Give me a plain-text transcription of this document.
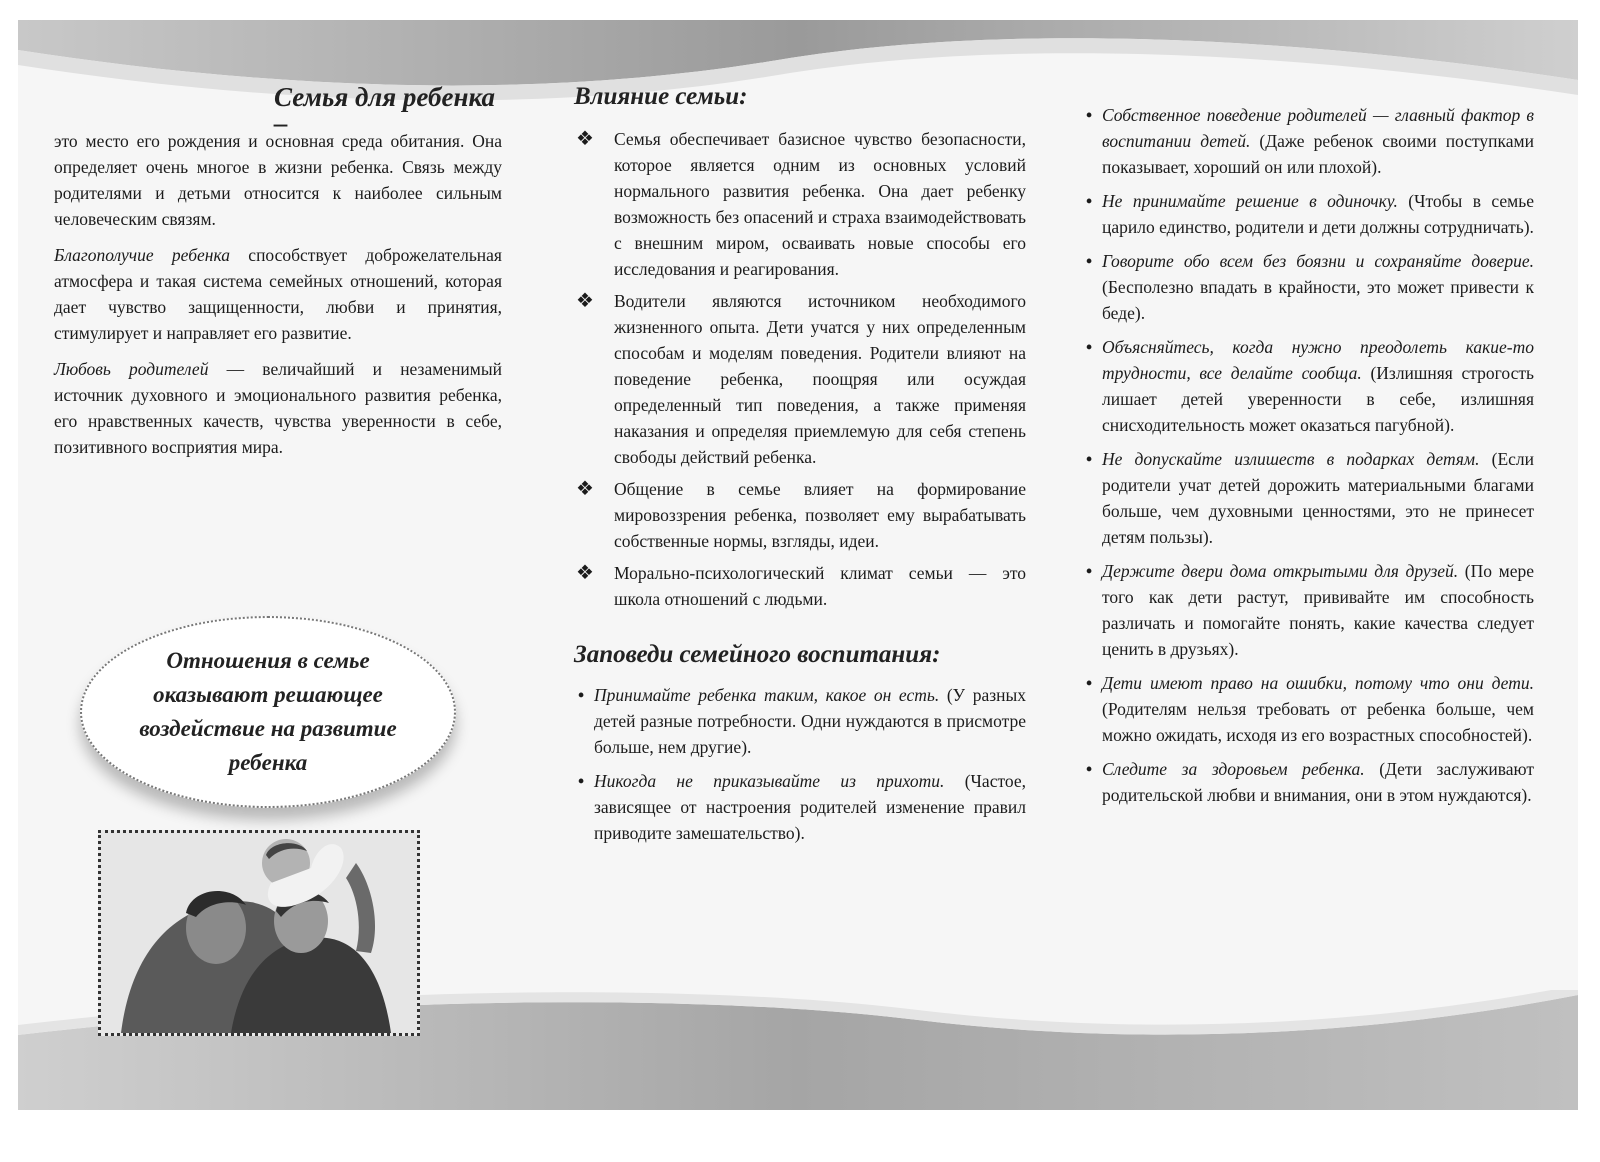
Семья для ребенка –

это место его рождения и основная среда обитания. Она определяет очень многое в жизни ребенка. Связь между родителями и детьми относится к наиболее сильным человеческим связям.

Благополучие ребенка способствует доброжелательная атмосфера и такая система семейных отношений, которая дает чувство защищенности, любви и принятия, стимулирует и направляет его развитие.

Любовь родителей — величайший и незаменимый источник духовного и эмоционального развития ребенка, его нравственных качеств, чувства уверенности в себе, позитивного восприятия мира.

Отношения в семье оказывают решающее воздействие на развитие ребенка
Влияние семьи:
❖ Семья обеспечивает базисное чувство безопасности, которое является одним из основных условий нормального развития ребенка. Она дает ребенку возможность без опасений и страха взаимодействовать с внешним миром, осваивать новые способы его исследования и реагирования.
❖ Водители являются источником необходимого жизненного опыта. Дети учатся у них определенным способам и моделям поведения. Родители влияют на поведение ребенка, поощряя или осуждая определенный тип поведения, а также применяя наказания и определяя приемлемую для себя степень свободы действий ребенка.
❖ Общение в семье влияет на формирование мировоззрения ребенка, позволяет ему вырабатывать собственные нормы, взгляды, идеи.
❖ Морально-психологический климат семьи — это школа отношений с людьми.
Заповеди семейного воспитания:
• Принимайте ребенка таким, какое он есть. (У разных детей разные потребности. Одни нуждаются в присмотре больше, нем другие).
• Никогда не приказывайте из прихоти. (Частое, зависящее от настроения родителей изменение правил приводите замешательство).
• Собственное поведение родителей — главный фактор в воспитании детей. (Даже ребенок своими поступками показывает, хороший он или плохой).
• Не принимайте решение в одиночку. (Чтобы в семье царило единство, родители и дети должны сотрудничать).
• Говорите обо всем без боязни и сохраняйте доверие. (Бесполезно впадать в крайности, это может привести к беде).
• Объясняйтесь, когда нужно преодолеть какие-то трудности, все делайте сообща. (Излишняя строгость лишает детей уверенности в себе, излишняя снисходительность может оказаться пагубной).
• Не допускайте излишеств в подарках детям. (Если родители учат детей дорожить материальными благами больше, чем духовными ценностями, это не принесет детям пользы).
• Держите двери дома открытыми для друзей. (По мере того как дети растут, прививайте им способность различать и помогайте понять, какие качества следует ценить в друзьях).
• Дети имеют право на ошибки, потому что они дети. (Родителям нельзя требовать от ребенка больше, чем можно ожидать, исходя из его возрастных способностей).
• Следите за здоровьем ребенка. (Дети заслуживают родительской любви и внимания, они в этом нуждаются).
